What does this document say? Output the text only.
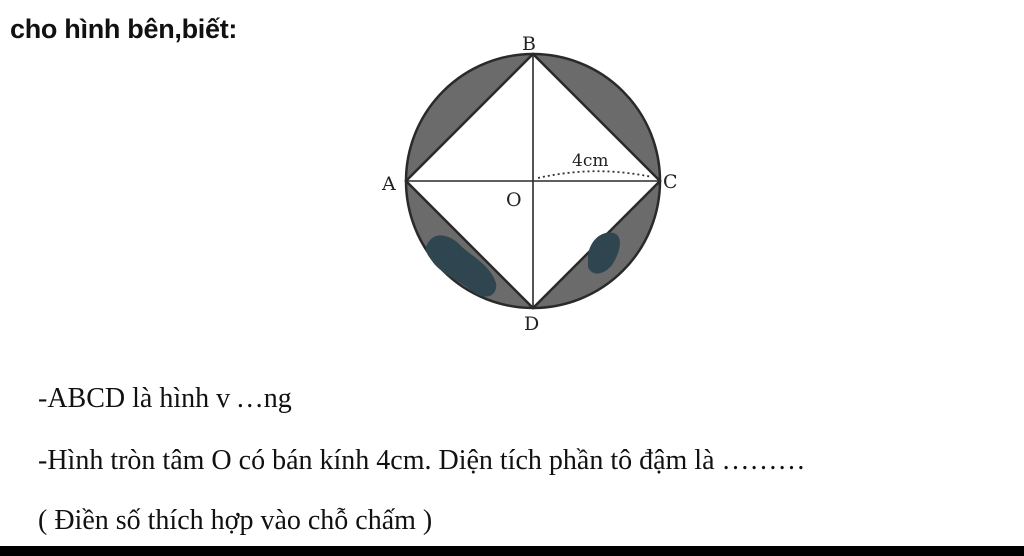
cho hình bên,biết:	B
A	C
D
O
4cm
-ABCD là hình v …ng
-Hình tròn tâm O có bán kính 4cm. Diện tích phần tô đậm là ………
( Điền số thích hợp vào chỗ chấm )
